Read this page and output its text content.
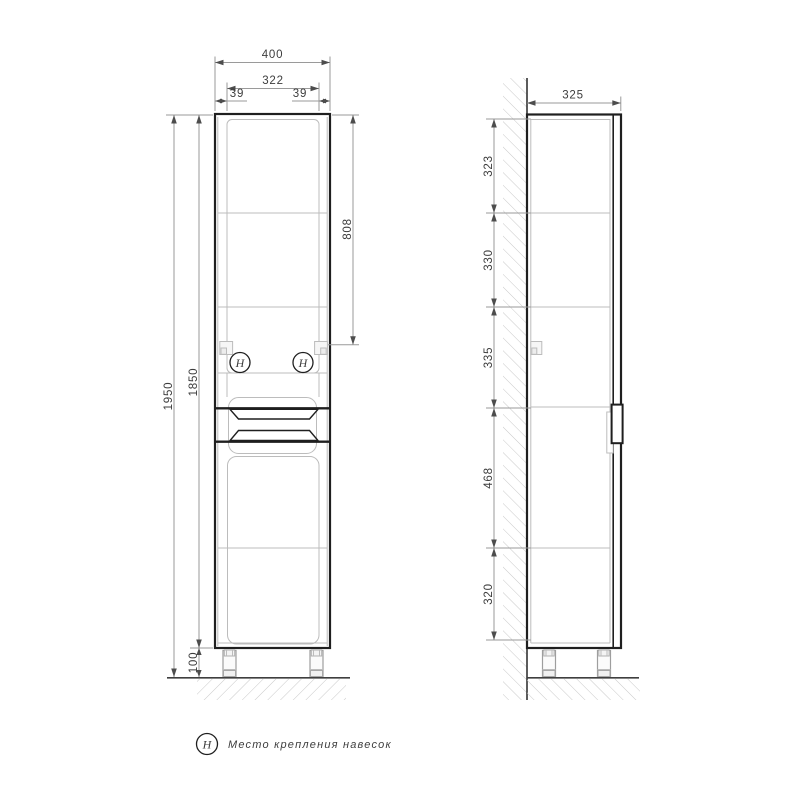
H	H
400
322
39	39
1950 1850
100
808
325
323
330
335
468
320
H Место крепления навесок
